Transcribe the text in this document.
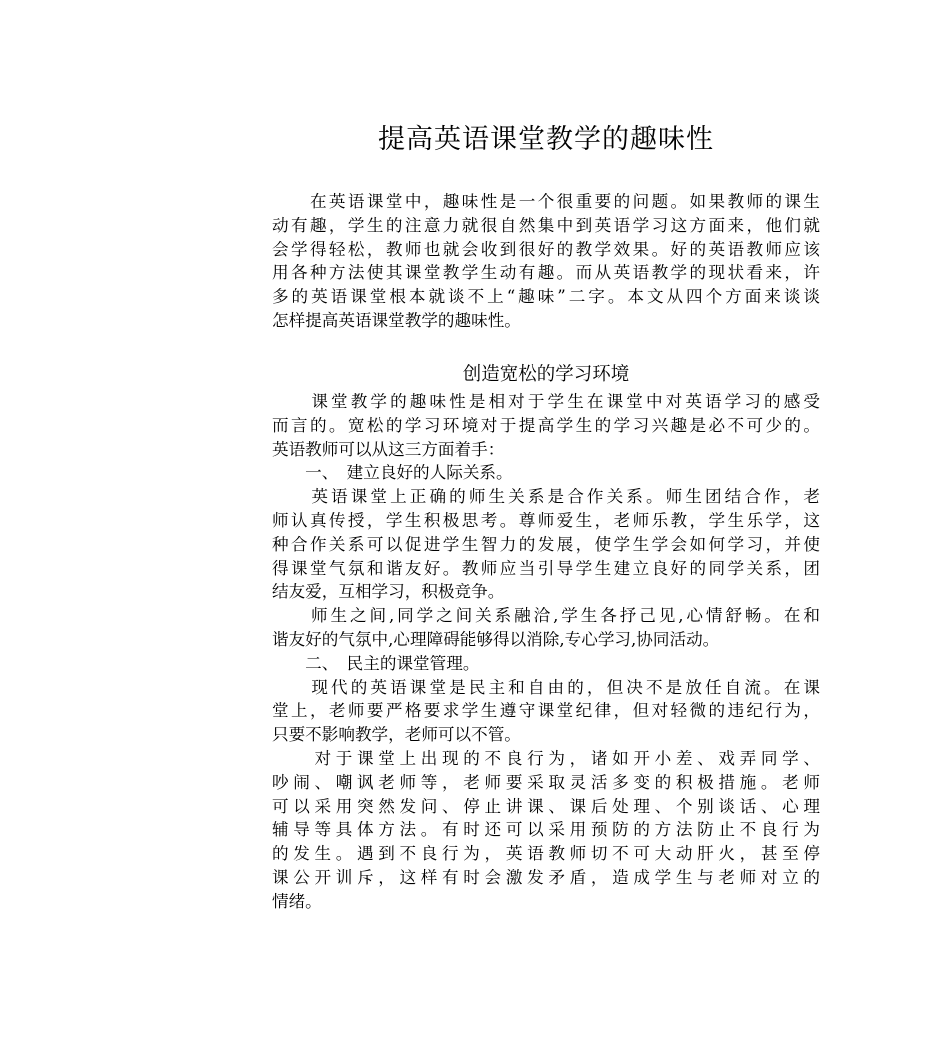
提高英语课堂教学的趣味性
　　在英语课堂中，趣味性是一个很重要的问题。如果教师的课生
动有趣，学生的注意力就很自然集中到英语学习这方面来，他们就
会学得轻松，教师也就会收到很好的教学效果。好的英语教师应该
用各种方法使其课堂教学生动有趣。而从英语教学的现状看来，许
多的英语课堂根本就谈不上“趣味”二字。本文从四个方面来谈谈
怎样提高英语课堂教学的趣味性。
创造宽松的学习环境
　　课堂教学的趣味性是相对于学生在课堂中对英语学习的感受
而言的。宽松的学习环境对于提高学生的学习兴趣是必不可少的。
英语教师可以从这三方面着手：
　　一、　建立良好的人际关系。
　　英语课堂上正确的师生关系是合作关系。师生团结合作，老
师认真传授，学生积极思考。尊师爱生，老师乐教，学生乐学，这
种合作关系可以促进学生智力的发展，使学生学会如何学习，并使
得课堂气氛和谐友好。教师应当引导学生建立良好的同学关系，团
结友爱，互相学习，积极竞争。
　　师生之间,同学之间关系融洽,学生各抒己见,心情舒畅。在和
谐友好的气氛中,心理障碍能够得以消除,专心学习,协同活动。
　　二、　民主的课堂管理。
　　现代的英语课堂是民主和自由的，但决不是放任自流。在课
堂上，老师要严格要求学生遵守课堂纪律，但对轻微的违纪行为，
只要不影响教学，老师可以不管。
　　对于课堂上出现的不良行为，诸如开小差、戏弄同学、
吵闹、嘲讽老师等，老师要采取灵活多变的积极措施。老师
可以采用突然发问、停止讲课、课后处理、个别谈话、心理
辅导等具体方法。有时还可以采用预防的方法防止不良行为
的发生。遇到不良行为，英语教师切不可大动肝火，甚至停
课公开训斥，这样有时会激发矛盾，造成学生与老师对立的
情绪。
